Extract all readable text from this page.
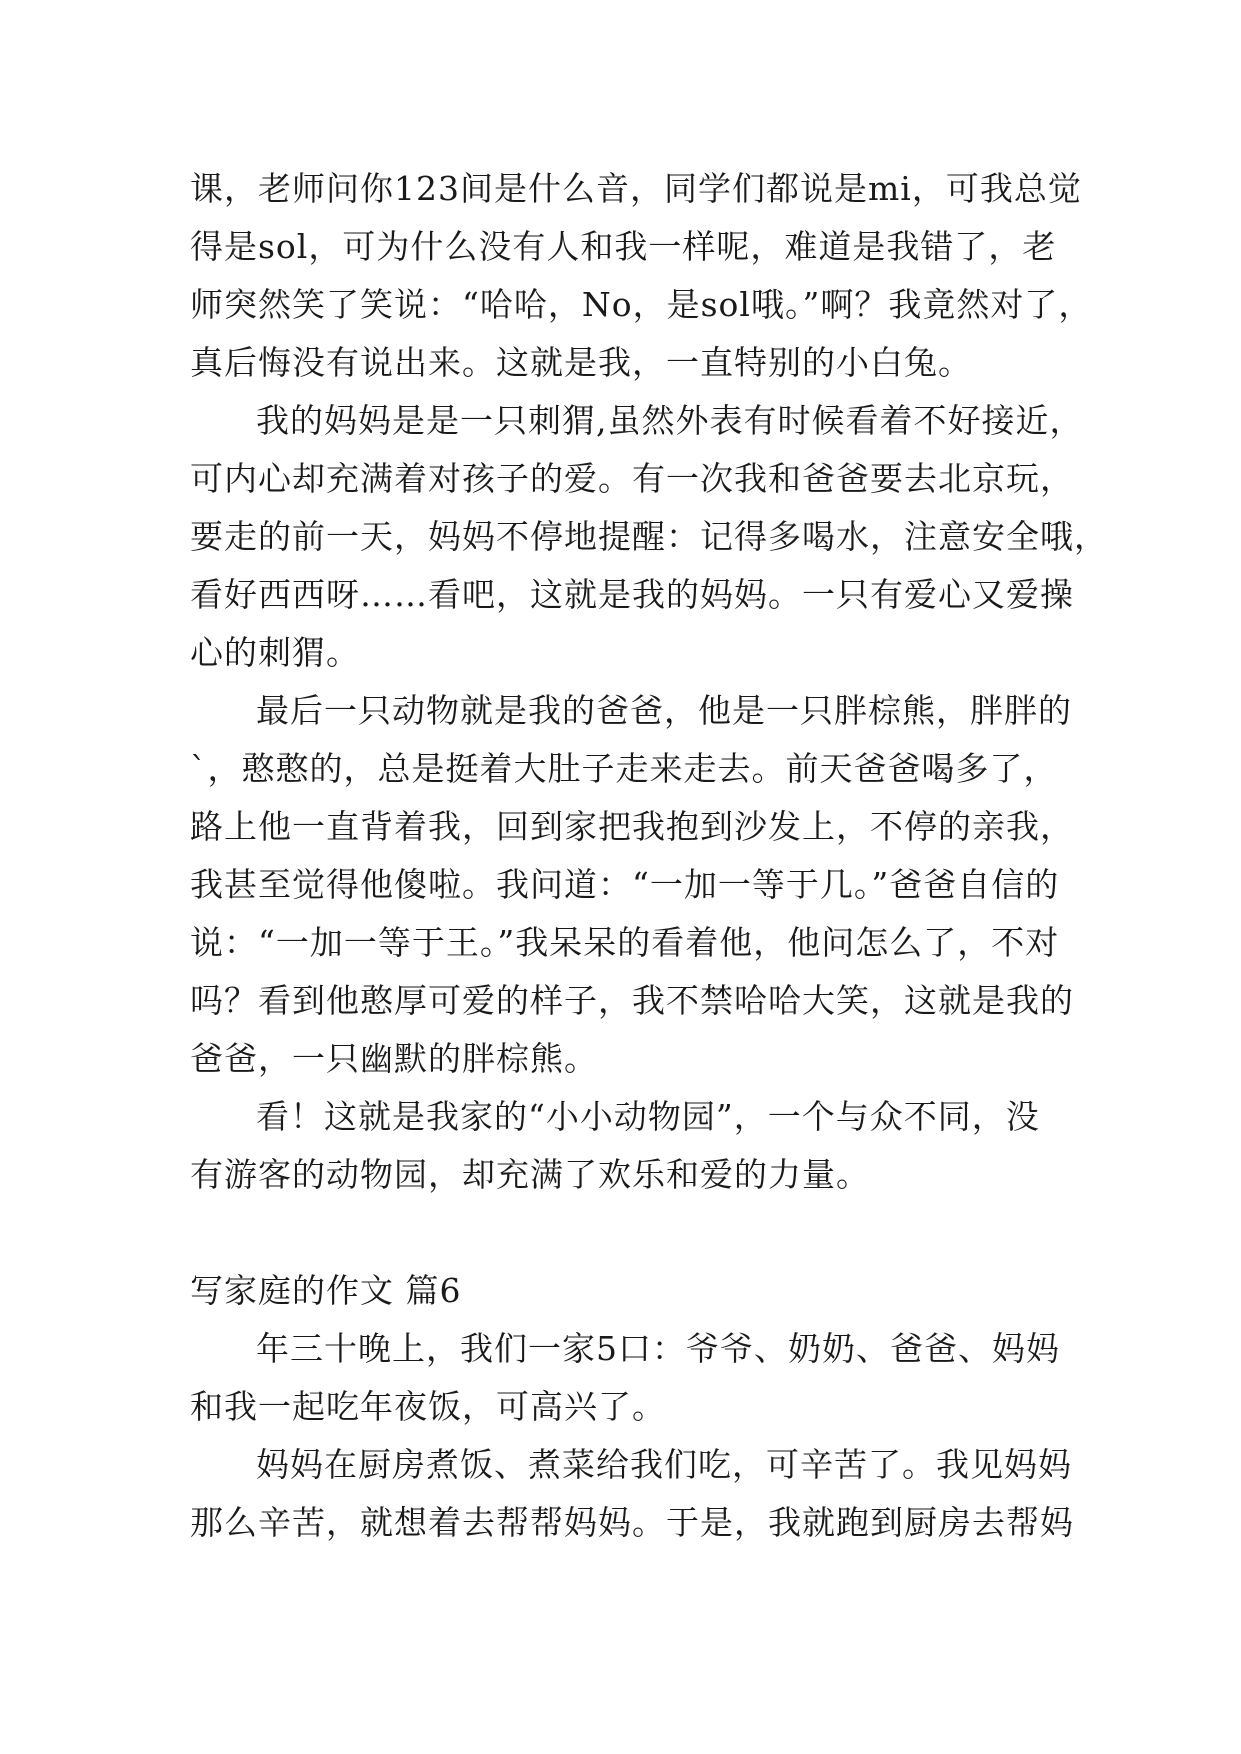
课，老师问你123间是什么音，同学们都说是mi，可我总觉
得是sol，可为什么没有人和我一样呢，难道是我错了，老
师突然笑了笑说：“哈哈，No，是sol哦。”啊？我竟然对了，
真后悔没有说出来。这就是我，一直特别的小白兔。
我的妈妈是是一只刺猬,虽然外表有时候看着不好接近，
可内心却充满着对孩子的爱。有一次我和爸爸要去北京玩，
要走的前一天，妈妈不停地提醒：记得多喝水，注意安全哦，
看好西西呀……看吧，这就是我的妈妈。一只有爱心又爱操
心的刺猬。
最后一只动物就是我的爸爸，他是一只胖棕熊，胖胖的
`，憨憨的，总是挺着大肚子走来走去。前天爸爸喝多了，
路上他一直背着我，回到家把我抱到沙发上，不停的亲我，
我甚至觉得他傻啦。我问道：“一加一等于几。”爸爸自信的
说：“一加一等于王。”我呆呆的看着他，他问怎么了，不对
吗？看到他憨厚可爱的样子，我不禁哈哈大笑，这就是我的
爸爸，一只幽默的胖棕熊。
看！这就是我家的“小小动物园”，一个与众不同，没
有游客的动物园，却充满了欢乐和爱的力量。
写家庭的作文 篇6
年三十晚上，我们一家5口：爷爷、奶奶、爸爸、妈妈
和我一起吃年夜饭，可高兴了。
妈妈在厨房煮饭、煮菜给我们吃，可辛苦了。我见妈妈
那么辛苦，就想着去帮帮妈妈。于是，我就跑到厨房去帮妈
